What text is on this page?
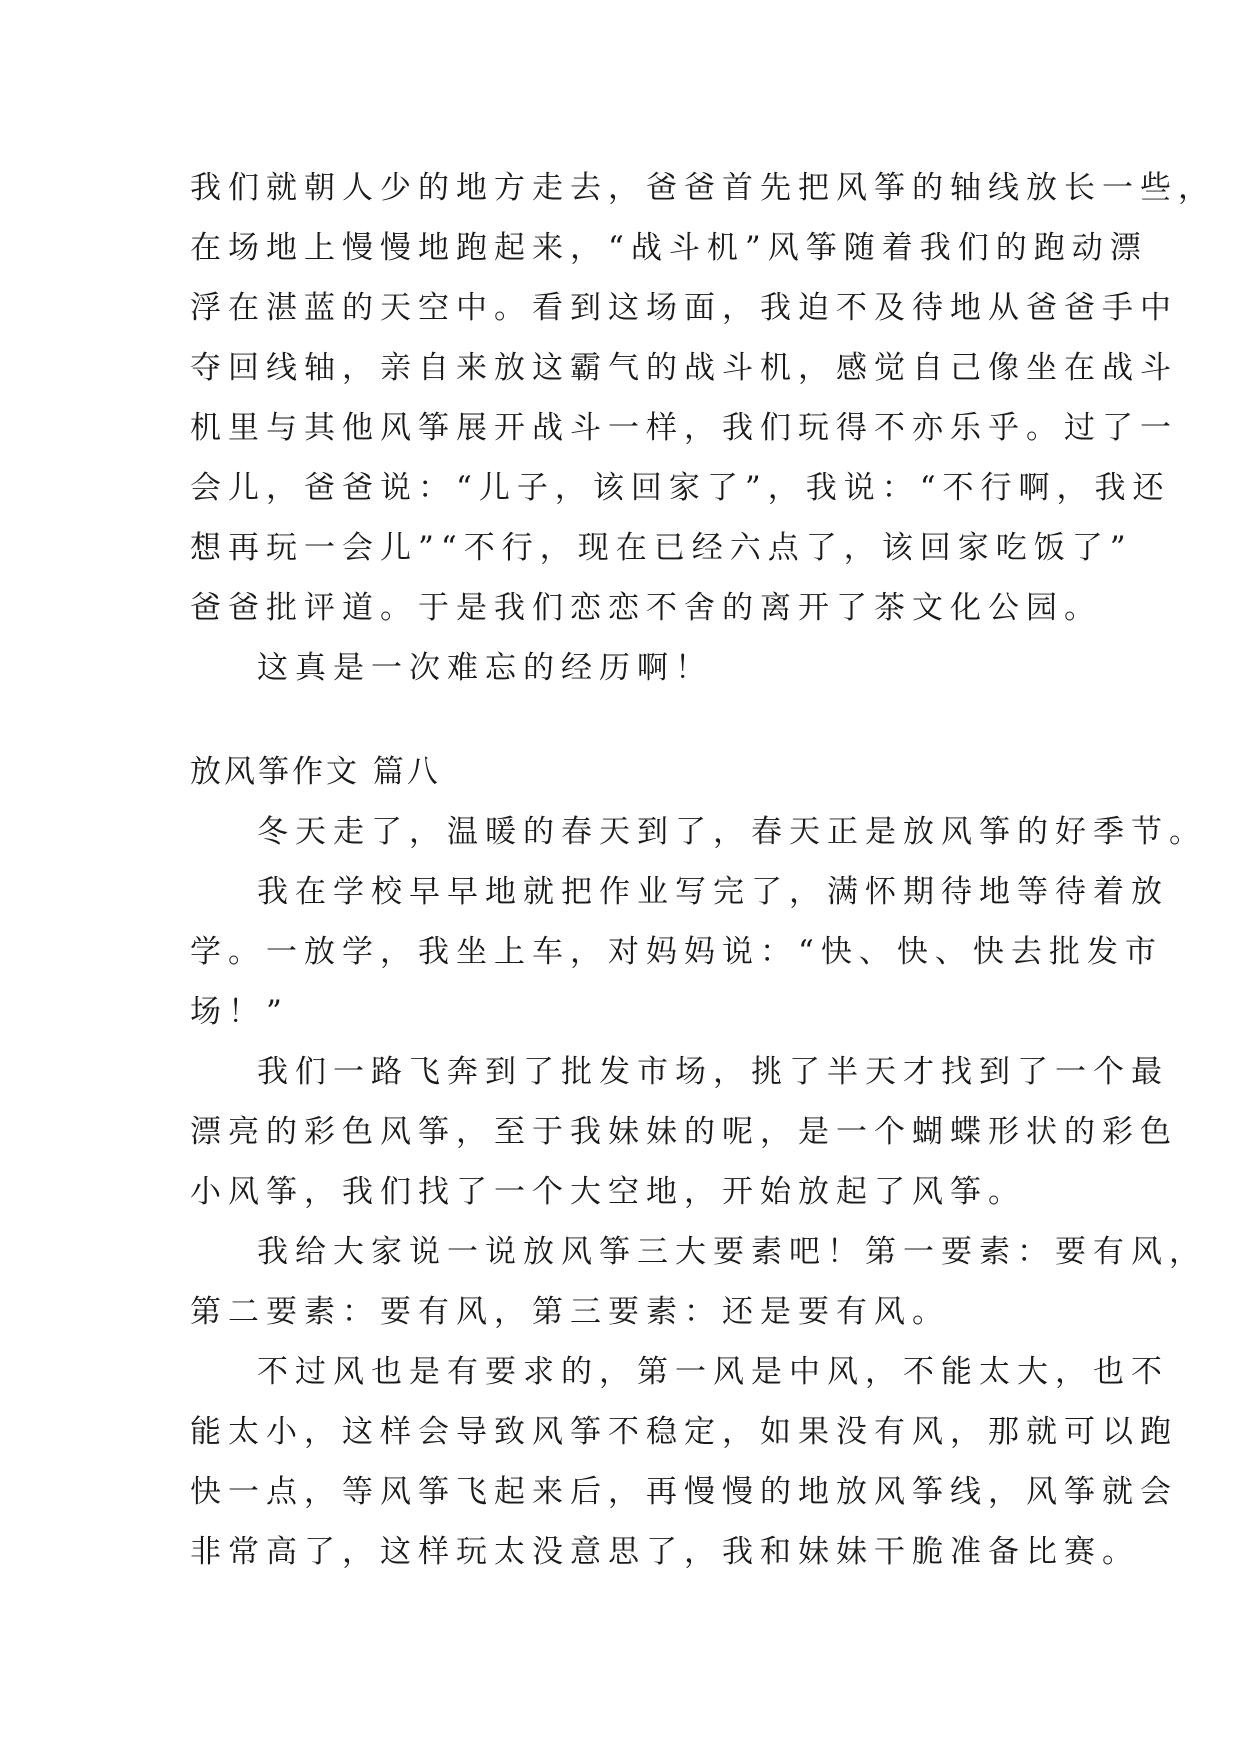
我们就朝人少的地方走去，爸爸首先把风筝的轴线放长一些，
在场地上慢慢地跑起来，“战斗机”风筝随着我们的跑动漂
浮在湛蓝的天空中。看到这场面，我迫不及待地从爸爸手中
夺回线轴，亲自来放这霸气的战斗机，感觉自己像坐在战斗
机里与其他风筝展开战斗一样，我们玩得不亦乐乎。过了一
会儿，爸爸说：“儿子，该回家了”，我说：“不行啊，我还
想再玩一会儿”“不行，现在已经六点了，该回家吃饭了”
爸爸批评道。于是我们恋恋不舍的离开了茶文化公园。
这真是一次难忘的经历啊！
放风筝作文 篇八
冬天走了，温暖的春天到了，春天正是放风筝的好季节。
我在学校早早地就把作业写完了，满怀期待地等待着放
学。一放学，我坐上车，对妈妈说：“快、快、快去批发市
场！”
我们一路飞奔到了批发市场，挑了半天才找到了一个最
漂亮的彩色风筝，至于我妹妹的呢，是一个蝴蝶形状的彩色
小风筝，我们找了一个大空地，开始放起了风筝。
我给大家说一说放风筝三大要素吧！第一要素：要有风，
第二要素：要有风，第三要素：还是要有风。
不过风也是有要求的，第一风是中风，不能太大，也不
能太小，这样会导致风筝不稳定，如果没有风，那就可以跑
快一点，等风筝飞起来后，再慢慢的地放风筝线，风筝就会
非常高了，这样玩太没意思了，我和妹妹干脆准备比赛。
